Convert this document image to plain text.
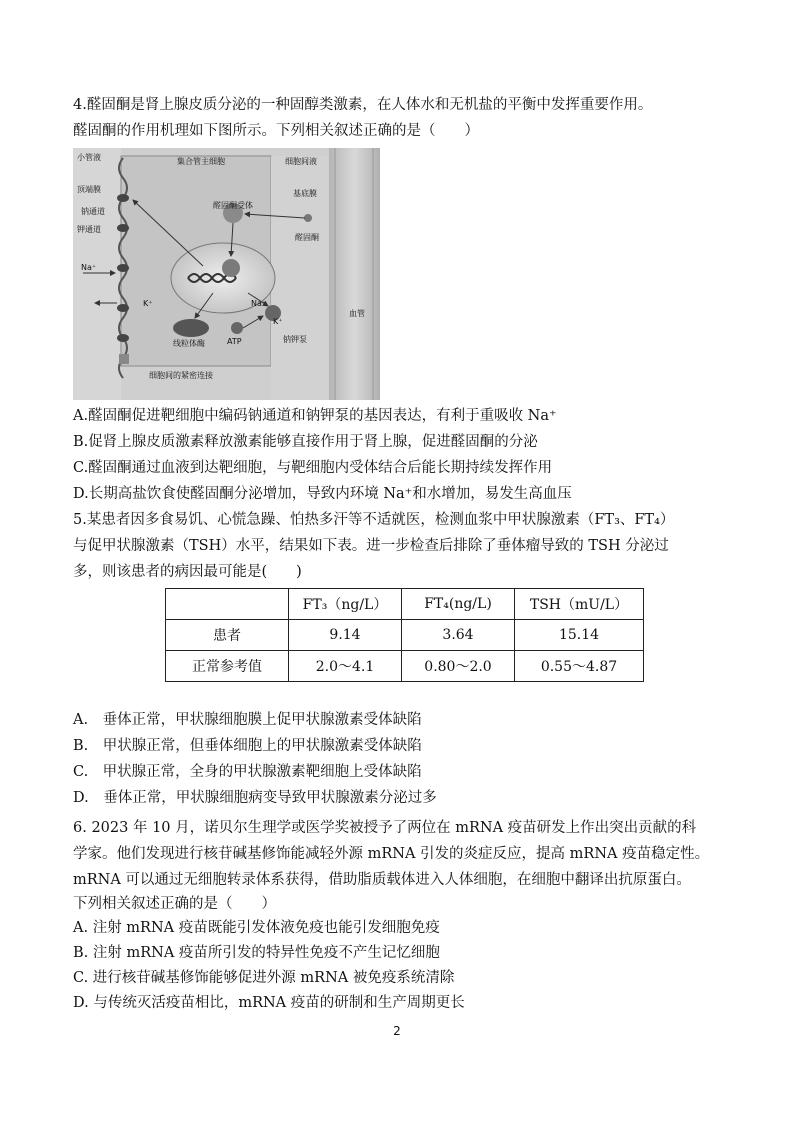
4.醛固酮是肾上腺皮质分泌的一种固醇类激素，在人体水和无机盐的平衡中发挥重要作用。
醛固酮的作用机理如下图所示。下列相关叙述正确的是（　　）
小管液	集合管主细胞	细胞间液
顶端膜	基底膜
钠通道
醛固酮受体
钾通道
醛固酮
Na⁺
K⁺	Na⁺
K⁺
血管
线粒体酶	ATP	钠钾泵
细胞间的紧密连接
A.醛固酮促进靶细胞中编码钠通道和钠钾泵的基因表达，有利于重吸收 Na⁺
B.促肾上腺皮质激素释放激素能够直接作用于肾上腺，促进醛固酮的分泌
C.醛固酮通过血液到达靶细胞，与靶细胞内受体结合后能长期持续发挥作用
D.长期高盐饮食使醛固酮分泌增加，导致内环境 Na⁺和水增加，易发生高血压
5.某患者因多食易饥、心慌急躁、怕热多汗等不适就医，检测血浆中甲状腺激素（FT₃、FT₄）
与促甲状腺激素（TSH）水平，结果如下表。进一步检查后排除了垂体瘤导致的 TSH 分泌过
多，则该患者的病因最可能是(　　)
	FT₃（ng/L）	FT₄(ng/L)	TSH（mU/L）
患者	9.14	3.64	15.14
正常参考值	2.0～4.1	0.80～2.0	0.55～4.87
A.　垂体正常，甲状腺细胞膜上促甲状腺激素受体缺陷
B.　甲状腺正常，但垂体细胞上的甲状腺激素受体缺陷
C.　甲状腺正常，全身的甲状腺激素靶细胞上受体缺陷
D.　垂体正常，甲状腺细胞病变导致甲状腺激素分泌过多
6. 2023 年 10 月，诺贝尔生理学或医学奖被授予了两位在 mRNA 疫苗研发上作出突出贡献的科
学家。他们发现进行核苷碱基修饰能减轻外源 mRNA 引发的炎症反应，提高 mRNA 疫苗稳定性。
mRNA 可以通过无细胞转录体系获得，借助脂质载体进入人体细胞，在细胞中翻译出抗原蛋白。
下列相关叙述正确的是（　　）
A. 注射 mRNA 疫苗既能引发体液免疫也能引发细胞免疫
B. 注射 mRNA 疫苗所引发的特异性免疫不产生记忆细胞
C. 进行核苷碱基修饰能够促进外源 mRNA 被免疫系统清除
D. 与传统灭活疫苗相比，mRNA 疫苗的研制和生产周期更长
2
